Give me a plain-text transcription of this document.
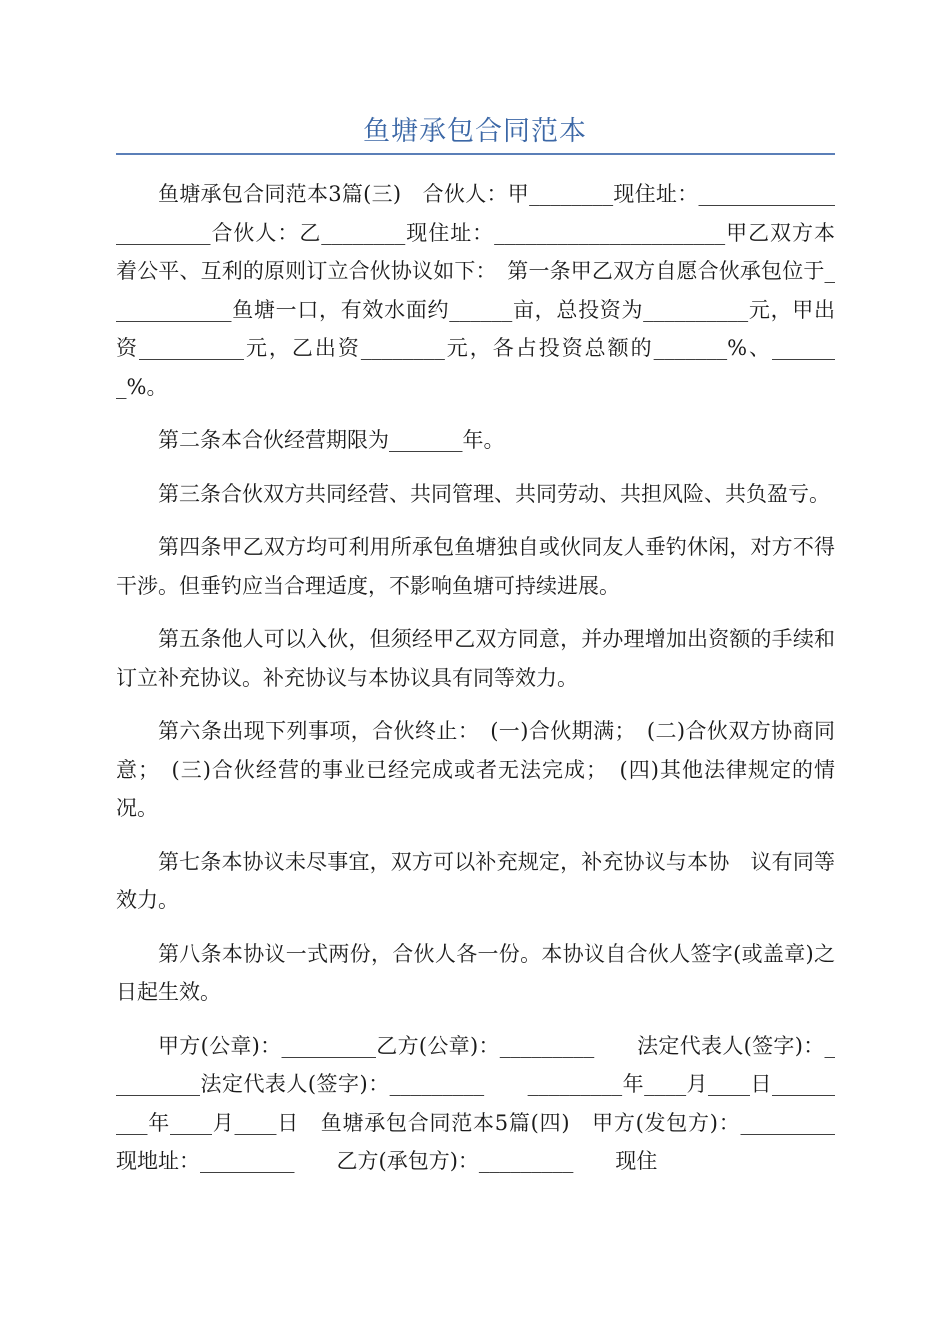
鱼塘承包合同范本

鱼塘承包合同范本3篇(三)　合伙人：甲________现住址：______________________合伙人：乙________现住址：______________________甲乙双方本着公平、互利的原则订立合伙协议如下：　第一条甲乙双方自愿合伙承包位于____________鱼塘一口，有效水面约______亩，总投资为__________元，甲出资__________元，乙出资________元，各占投资总额的_______%、_______%。

第二条本合伙经营期限为_______年。

第三条合伙双方共同经营、共同管理、共同劳动、共担风险、共负盈亏。

第四条甲乙双方均可利用所承包鱼塘独自或伙同友人垂钓休闲，对方不得干涉。但垂钓应当合理适度，不影响鱼塘可持续进展。

第五条他人可以入伙，但须经甲乙双方同意，并办理增加出资额的手续和订立补充协议。补充协议与本协议具有同等效力。

第六条出现下列事项，合伙终止：　(一)合伙期满；　(二)合伙双方协商同意；　(三)合伙经营的事业已经完成或者无法完成；　(四)其他法律规定的情况。

第七条本协议未尽事宜，双方可以补充规定，补充协议与本协　议有同等效力。

第八条本协议一式两份，合伙人各一份。本协议自合伙人签字(或盖章)之日起生效。

甲方(公章)：_________乙方(公章)：_________　　法定代表人(签字)：_________法定代表人(签字)：_________　　_________年____月____日_________年____月____日　鱼塘承包合同范本5篇(四)　甲方(发包方)：_________　　现地址：_________　　乙方(承包方)：_________　　现住
